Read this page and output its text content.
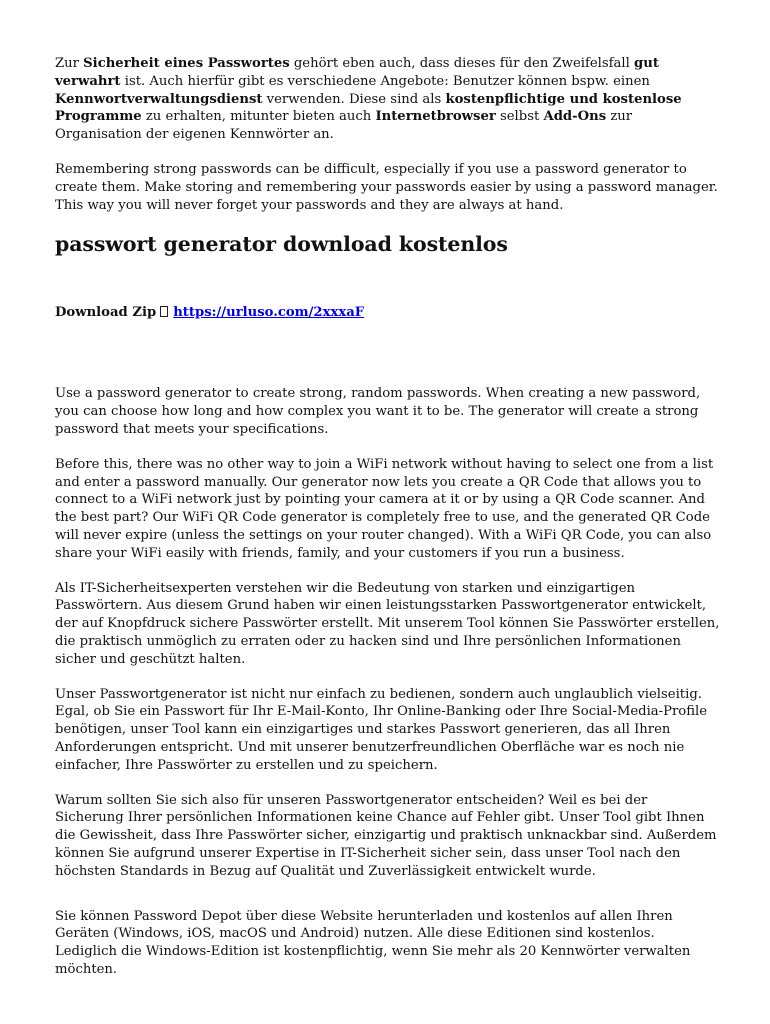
Zur Sicherheit eines Passwortes gehört eben auch, dass dieses für den Zweifelsfall gut verwahrt ist. Auch hierfür gibt es verschiedene Angebote: Benutzer können bspw. einen Kennwortverwaltungsdienst verwenden. Diese sind als kostenpflichtige und kostenlose Programme zu erhalten, mitunter bieten auch Internetbrowser selbst Add-Ons zur Organisation der eigenen Kennwörter an.

Remembering strong passwords can be difficult, especially if you use a password generator to create them. Make storing and remembering your passwords easier by using a password manager. This way you will never forget your passwords and they are always at hand.

passwort generator download kostenlos
Download Zip https://urluso.com/2xxxaF

Use a password generator to create strong, random passwords. When creating a new password, you can choose how long and how complex you want it to be. The generator will create a strong password that meets your specifications.

Before this, there was no other way to join a WiFi network without having to select one from a list and enter a password manually. Our generator now lets you create a QR Code that allows you to connect to a WiFi network just by pointing your camera at it or by using a QR Code scanner. And the best part? Our WiFi QR Code generator is completely free to use, and the generated QR Code will never expire (unless the settings on your router changed). With a WiFi QR Code, you can also share your WiFi easily with friends, family, and your customers if you run a business.

Als IT-Sicherheitsexperten verstehen wir die Bedeutung von starken und einzigartigen Passwörtern. Aus diesem Grund haben wir einen leistungsstarken Passwortgenerator entwickelt, der auf Knopfdruck sichere Passwörter erstellt. Mit unserem Tool können Sie Passwörter erstellen, die praktisch unmöglich zu erraten oder zu hacken sind und Ihre persönlichen Informationen sicher und geschützt halten.

Unser Passwortgenerator ist nicht nur einfach zu bedienen, sondern auch unglaublich vielseitig. Egal, ob Sie ein Passwort für Ihr E-Mail-Konto, Ihr Online-Banking oder Ihre Social-Media-Profile benötigen, unser Tool kann ein einzigartiges und starkes Passwort generieren, das all Ihren Anforderungen entspricht. Und mit unserer benutzerfreundlichen Oberfläche war es noch nie einfacher, Ihre Passwörter zu erstellen und zu speichern.

Warum sollten Sie sich also für unseren Passwortgenerator entscheiden? Weil es bei der Sicherung Ihrer persönlichen Informationen keine Chance auf Fehler gibt. Unser Tool gibt Ihnen die Gewissheit, dass Ihre Passwörter sicher, einzigartig und praktisch unknackbar sind. Außerdem können Sie aufgrund unserer Expertise in IT-Sicherheit sicher sein, dass unser Tool nach den höchsten Standards in Bezug auf Qualität und Zuverlässigkeit entwickelt wurde.

Sie können Password Depot über diese Website herunterladen und kostenlos auf allen Ihren Geräten (Windows, iOS, macOS und Android) nutzen. Alle diese Editionen sind kostenlos. Lediglich die Windows-Edition ist kostenpflichtig, wenn Sie mehr als 20 Kennwörter verwalten möchten.
